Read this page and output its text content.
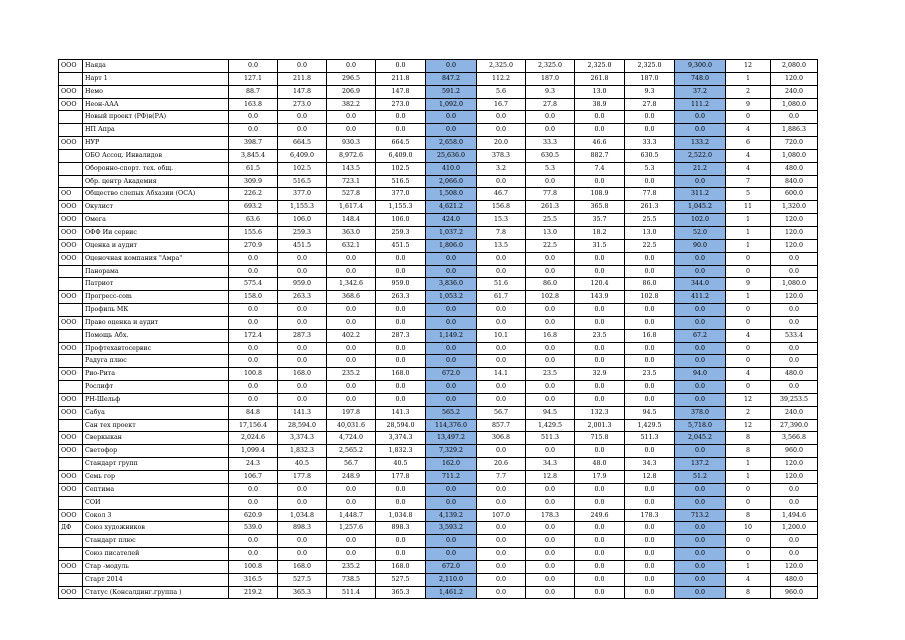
ООО	Наяда	0.0	0.0	0.0	0.0	0.0	2,325.0	2,325.0	2,325.0	2,325.0	9,300.0	12	2,080.0
	Нарт 1	127.1	211.8	296.5	211.8	847.2	112.2	187.0	261.8	187.0	748.0	1	120.0
ООО	Немо	88.7	147.8	206.9	147.8	591.2	5.6	9.3	13.0	9.3	37.2	2	240.0
ООО	Неон-ААА	163.8	273.0	382.2	273.0	1,092.0	16.7	27.8	38.9	27.8	111.2	9	1,080.0
	Новый проект (РФ)в(РА)	0.0	0.0	0.0	0.0	0.0	0.0	0.0	0.0	0.0	0.0	0	0.0
	НП Апра	0.0	0.0	0.0	0.0	0.0	0.0	0.0	0.0	0.0	0.0	4	1,886.3
ООО	НУР	398.7	664.5	930.3	664.5	2,658.0	20.0	33.3	46.6	33.3	133.2	6	720.0
	ОБО Ассоц. Инвалидов	3,845.4	6,409.0	8,972.6	6,409.0	25,636.0	378.3	630.5	882.7	630.5	2,522.0	4	1,080.0
	Оборонно-спорт. тех. общ.	61.5	102.5	143.5	102.5	410.0	3.2	5.3	7.4	5.3	21.2	4	480.0
	Обр. центр Академия	309.9	516.5	723.1	516.5	2,066.0	0.0	0.0	0.0	0.0	0.0	7	840.0
ОО	Общество слепых Абхазии (ОСА)	226.2	377.0	527.8	377.0	1,508.0	46.7	77.8	108.9	77.8	311.2	5	600.0
ООО	Окулист	693.2	1,155.3	1,617.4	1,155.3	4,621.2	156.8	261.3	365.8	261.3	1,045.2	11	1,320.0
ООО	Омега	63.6	106.0	148.4	106.0	424.0	15.3	25.5	35.7	25.5	102.0	1	120.0
ООО	ОФФ Ии сервис	155.6	259.3	363.0	259.3	1,037.2	7.8	13.0	18.2	13.0	52.0	1	120.0
ООО	Оценка и аудит	270.9	451.5	632.1	451.5	1,806.0	13.5	22.5	31.5	22.5	90.0	1	120.0
ООО	Оценочная компания "Амра"	0.0	0.0	0.0	0.0	0.0	0.0	0.0	0.0	0.0	0.0	0	0.0
	Панорама	0.0	0.0	0.0	0.0	0.0	0.0	0.0	0.0	0.0	0.0	0	0.0
	Патриот	575.4	959.0	1,342.6	959.0	3,836.0	51.6	86.0	120.4	86.0	344.0	9	1,080.0
ООО	Прогресс-com	158.0	263.3	368.6	263.3	1,053.2	61.7	102.8	143.9	102.8	411.2	1	120.0
	Профиль МК	0.0	0.0	0.0	0.0	0.0	0.0	0.0	0.0	0.0	0.0	0	0.0
ООО	Право оценка и аудит	0.0	0.0	0.0	0.0	0.0	0.0	0.0	0.0	0.0	0.0	0	0.0
	Помощь Абх.	172.4	287.3	402.2	287.3	1,149.2	10.1	16.8	23.5	16.8	67.2	4	533.4
ООО	Профтехавтосервис	0.0	0.0	0.0	0.0	0.0	0.0	0.0	0.0	0.0	0.0	0	0.0
	Радуга плюс	0.0	0.0	0.0	0.0	0.0	0.0	0.0	0.0	0.0	0.0	0	0.0
ООО	Рио-Рита	100.8	168.0	235.2	168.0	672.0	14.1	23.5	32.9	23.5	94.0	4	480.0
	Рослифт	0.0	0.0	0.0	0.0	0.0	0.0	0.0	0.0	0.0	0.0	0	0.0
ООО	РН-Шельф	0.0	0.0	0.0	0.0	0.0	0.0	0.0	0.0	0.0	0.0	12	39,253.5
ООО	Сабуа	84.8	141.3	197.8	141.3	565.2	56.7	94.5	132.3	94.5	378.0	2	240.0
	Сан тех проект	17,156.4	28,594.0	40,031.6	28,594.0	114,376.0	857.7	1,429.5	2,001.3	1,429.5	5,718.0	12	27,390.0
ООО	Сверкыкан	2,024.6	3,374.3	4,724.0	3,374.3	13,497.2	306.8	511.3	715.8	511.3	2,045.2	8	3,566.8
ООО	Светофор	1,099.4	1,832.3	2,565.2	1,832.3	7,329.2	0.0	0.0	0.0	0.0	0.0	8	960.0
	Стандарт групп	24.3	40.5	56.7	40.5	162.0	20.6	34.3	48.0	34.3	137.2	1	120.0
ООО	Семь гор	106.7	177.8	248.9	177.8	711.2	7.7	12.8	17.9	12.8	51.2	1	120.0
ООО	Септима	0.0	0.0	0.0	0.0	0.0	0.0	0.0	0.0	0.0	0.0	0	0.0
	СОИ	0.0	0.0	0.0	0.0	0.0	0.0	0.0	0.0	0.0	0.0	0	0.0
ООО	Сокол 3	620.9	1,034.8	1,448.7	1,034.8	4,139.2	107.0	178.3	249.6	178.3	713.2	8	1,494.6
ДФ	Союз художников	539.0	898.3	1,257.6	898.3	3,593.2	0.0	0.0	0.0	0.0	0.0	10	1,200.0
	Стандарт плюс	0.0	0.0	0.0	0.0	0.0	0.0	0.0	0.0	0.0	0.0	0	0.0
	Союз писателей	0.0	0.0	0.0	0.0	0.0	0.0	0.0	0.0	0.0	0.0	0	0.0
ООО	Стар -модуль	100.8	168.0	235.2	168.0	672.0	0.0	0.0	0.0	0.0	0.0	1	120.0
	Старт 2014	316.5	527.5	738.5	527.5	2,110.0	0.0	0.0	0.0	0.0	0.0	4	480.0
ООО	Статус (Консалдинг.группа )	219.2	365.3	511.4	365.3	1,461.2	0.0	0.0	0.0	0.0	0.0	8	960.0
